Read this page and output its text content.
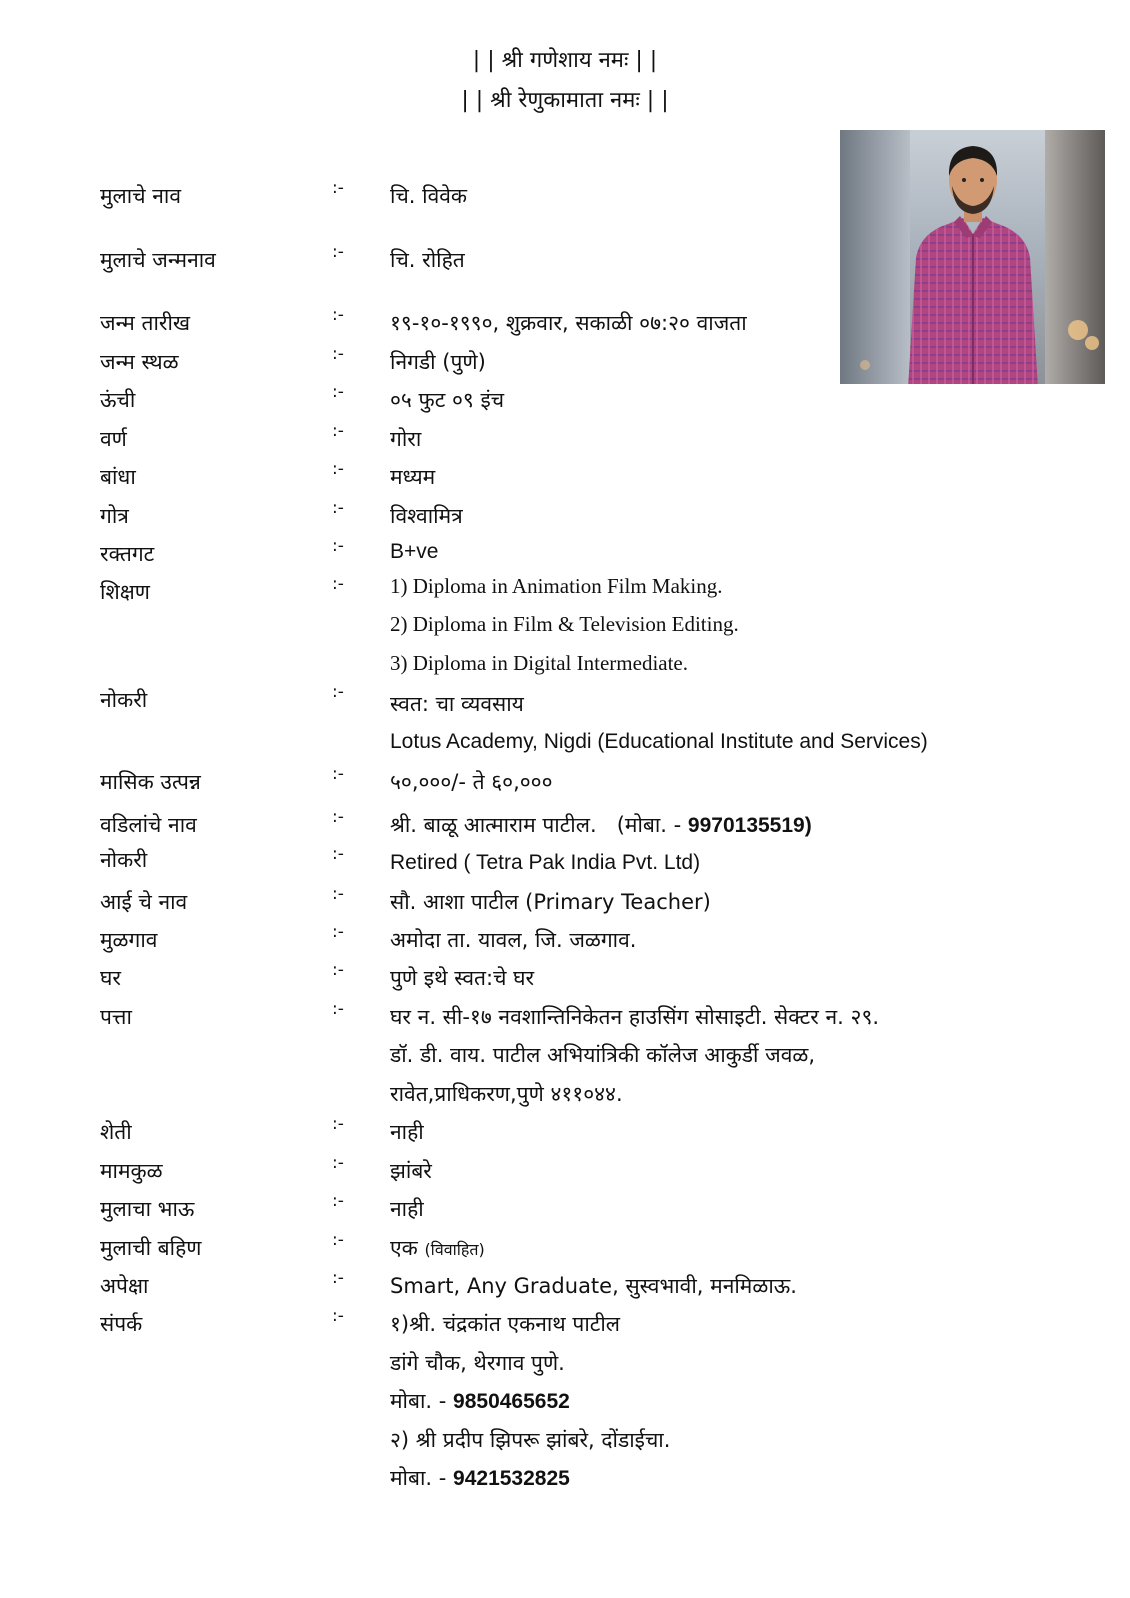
| | श्री गणेशाय नमः | |
| | श्री रेणुकामाता नमः | |
मुलाचे नाव	:- चि. विवेक
मुलाचे जन्मनाव	:- चि. रोहित
जन्म तारीख	:- १९-१०-१९९०, शुक्रवार, सकाळी ०७:२० वाजता
जन्म स्थळ	:- निगडी (पुणे)
ऊंची	:- ०५ फुट ०९ इंच
वर्ण	:- गोरा
बांधा	:- मध्यम
गोत्र	:- विश्वामित्र
रक्तगट	:- B+ve
शिक्षण	:- 1) Diploma in Animation Film Making.
2) Diploma in Film & Television Editing.
3) Diploma in Digital Intermediate.
नोकरी	:- स्वत: चा व्यवसाय
Lotus Academy, Nigdi (Educational Institute and Services)
मासिक उत्पन्न	:- ५०,०००/- ते ६०,०००
वडिलांचे नाव	:- श्री. बाळू आत्माराम पाटील. (मोबा. - 9970135519)
नोकरी	:- Retired ( Tetra Pak India Pvt. Ltd)
आई चे नाव	:- सौ. आशा पाटील (Primary Teacher)
मुळगाव	:- अमोदा ता. यावल, जि. जळगाव.
घर	:- पुणे इथे स्वत:चे घर
पत्ता	:- घर न. सी-१७ नवशान्तिनिकेतन हाउसिंग सोसाइटी. सेक्टर न. २९.
डॉ. डी. वाय. पाटील अभियांत्रिकी कॉलेज आकुर्डी जवळ,
रावेत,प्राधिकरण,पुणे ४११०४४.
शेती	:- नाही
मामकुळ	:- झांबरे
मुलाचा भाऊ	:- नाही
मुलाची बहिण	:- एक (विवाहित)
अपेक्षा	:- Smart, Any Graduate, सुस्वभावी, मनमिळाऊ.
संपर्क	:- १)श्री. चंद्रकांत एकनाथ पाटील
डांगे चौक, थेरगाव पुणे.
मोबा. - 9850465652
२) श्री प्रदीप झिपरू झांबरे, दोंडाईचा.
मोबा. - 9421532825
